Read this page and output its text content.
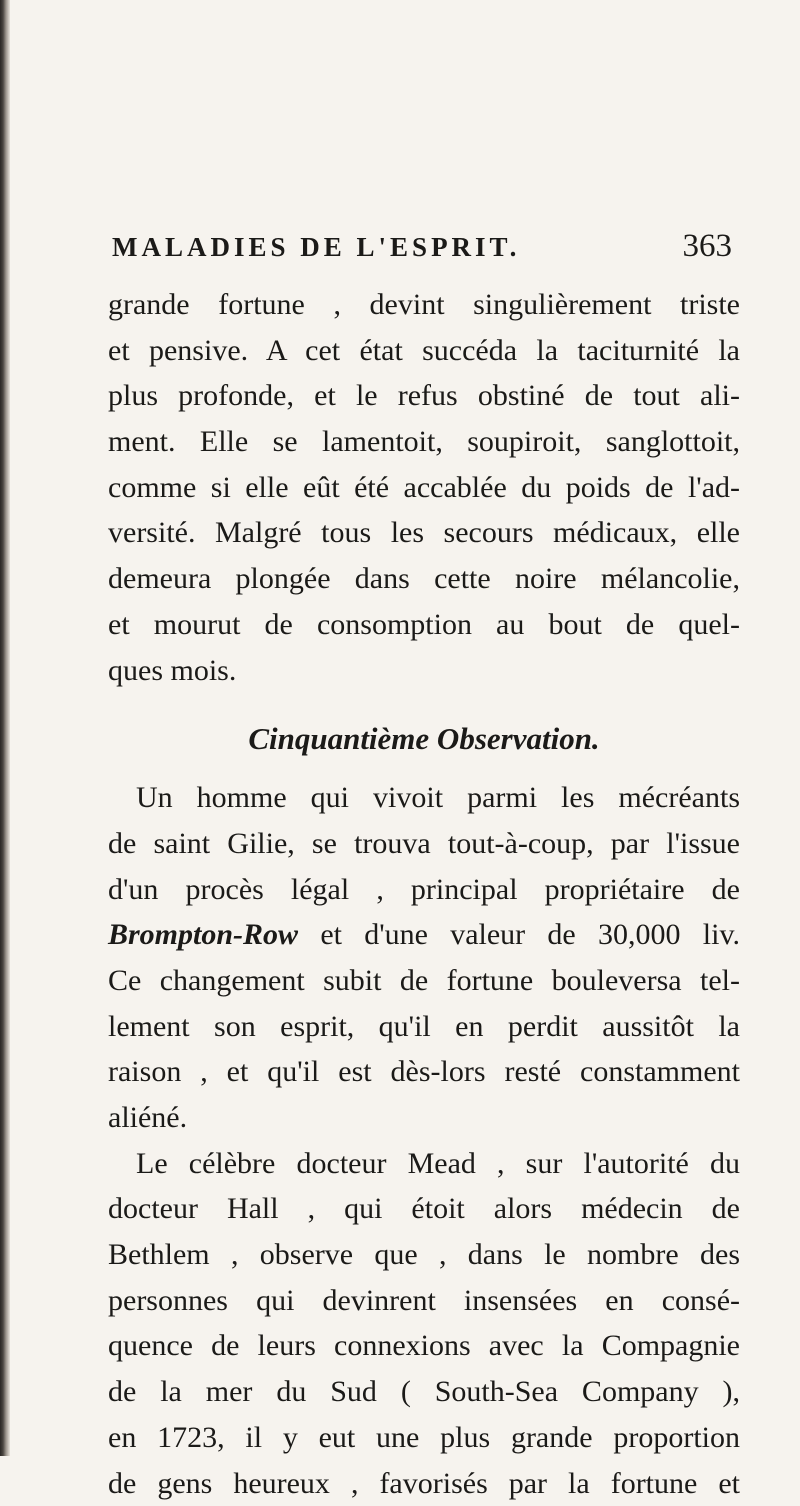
MALADIES DE L'ESPRIT.	363
grande fortune , devint singulièrement triste
et pensive. A cet état succéda la taciturnité la
plus profonde, et le refus obstiné de tout ali-
ment. Elle se lamentoit, soupiroit, sanglottoit,
comme si elle eût été accablée du poids de l'ad-
versité. Malgré tous les secours médicaux, elle
demeura plongée dans cette noire mélancolie,
et mourut de consomption au bout de quel-
ques mois.
Cinquantième Observation.
Un homme qui vivoit parmi les mécréants
de saint Gilie, se trouva tout-à-coup, par l'issue
d'un procès légal , principal propriétaire de
Brompton-Row et d'une valeur de 30,000 liv.
Ce changement subit de fortune bouleversa tel-
lement son esprit, qu'il en perdit aussitôt la
raison , et qu'il est dès-lors resté constamment
aliéné.
Le célèbre docteur Mead , sur l'autorité du
docteur Hall , qui étoit alors médecin de
Bethlem , observe que , dans le nombre des
personnes qui devinrent insensées en consé-
quence de leurs connexions avec la Compagnie
de la mer du Sud ( South-Sea Company ),
en 1723, il y eut une plus grande proportion
de gens heureux , favorisés par la fortune et
